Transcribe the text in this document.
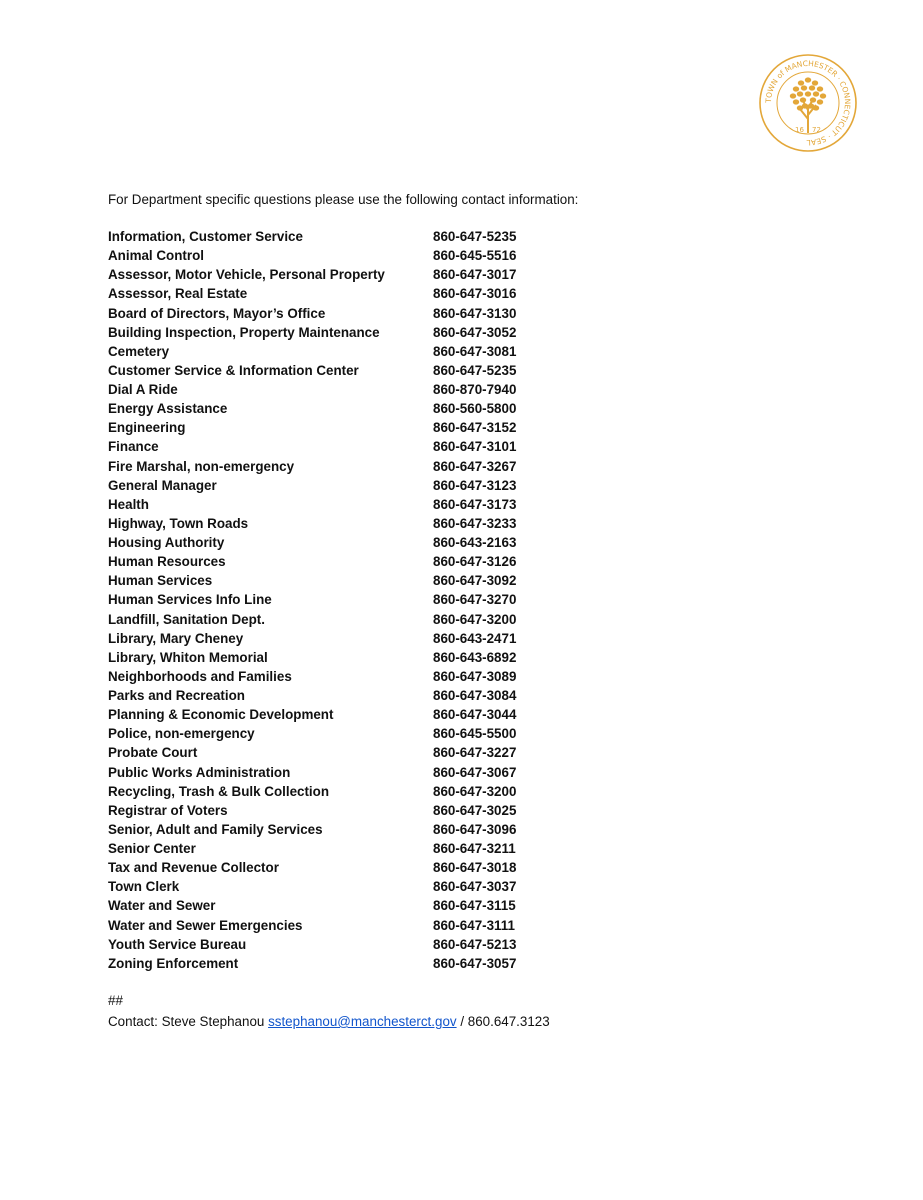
TOWN of MANCHESTER · CONNECTICUT · SEAL
16 72

For Department specific questions please use the following contact information:

Information, Customer Service	860-647-5235
Animal Control	860-645-5516
Assessor, Motor Vehicle, Personal Property	860-647-3017
Assessor, Real Estate	860-647-3016
Board of Directors, Mayor’s Office	860-647-3130
Building Inspection, Property Maintenance	860-647-3052
Cemetery	860-647-3081
Customer Service & Information Center	860-647-5235
Dial A Ride	860-870-7940
Energy Assistance	860-560-5800
Engineering	860-647-3152
Finance	860-647-3101
Fire Marshal, non-emergency	860-647-3267
General Manager	860-647-3123
Health	860-647-3173
Highway, Town Roads	860-647-3233
Housing Authority	860-643-2163
Human Resources	860-647-3126
Human Services	860-647-3092
Human Services Info Line	860-647-3270
Landfill, Sanitation Dept.	860-647-3200
Library, Mary Cheney	860-643-2471
Library, Whiton Memorial	860-643-6892
Neighborhoods and Families	860-647-3089
Parks and Recreation	860-647-3084
Planning & Economic Development	860-647-3044
Police, non-emergency	860-645-5500
Probate Court	860-647-3227
Public Works Administration	860-647-3067
Recycling, Trash & Bulk Collection	860-647-3200
Registrar of Voters	860-647-3025
Senior, Adult and Family Services	860-647-3096
Senior Center	860-647-3211
Tax and Revenue Collector	860-647-3018
Town Clerk	860-647-3037
Water and Sewer	860-647-3115
Water and Sewer Emergencies	860-647-3111
Youth Service Bureau	860-647-5213
Zoning Enforcement	860-647-3057

##

Contact: Steve Stephanou sstephanou@manchesterct.gov / 860.647.3123
